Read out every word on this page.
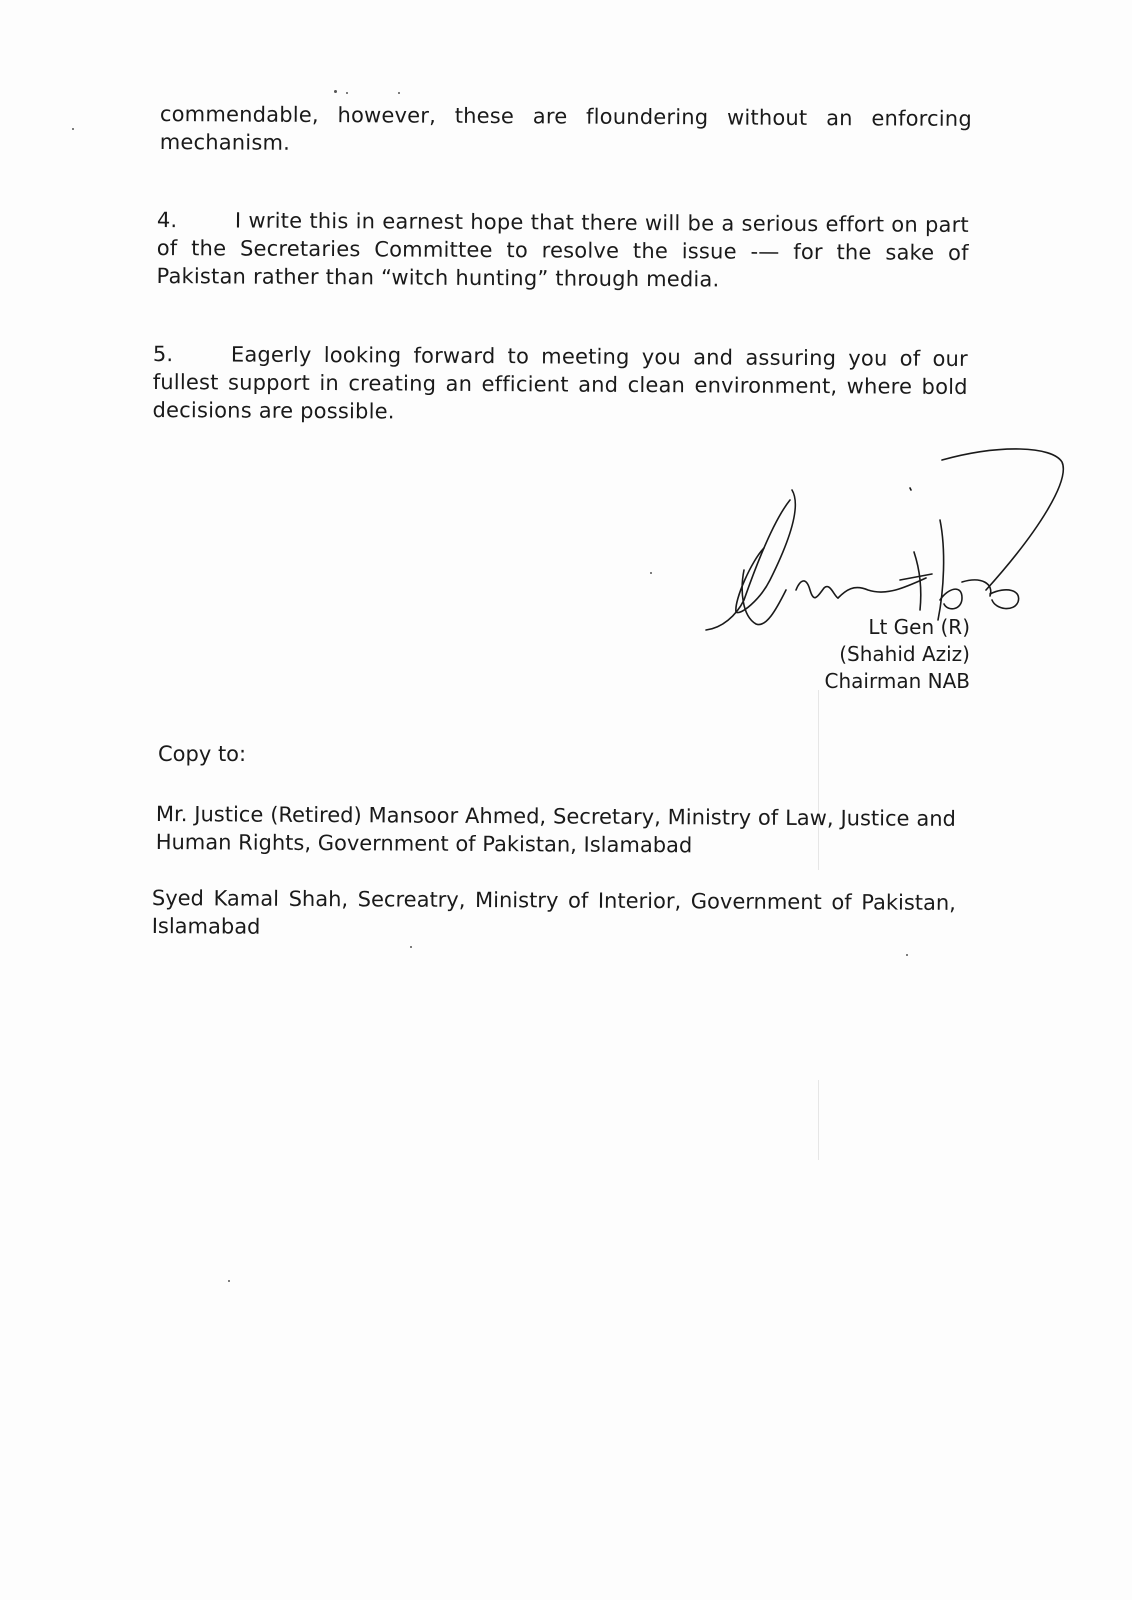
commendable, however, these are floundering without an enforcing mechanism.
4.	I write this in earnest hope that there will be a serious effort on part of the Secretaries Committee to resolve the issue -— for the sake of Pakistan rather than “witch hunting” through media.
5.	Eagerly looking forward to meeting you and assuring you of our fullest support in creating an efficient and clean environment, where bold decisions are possible.
Lt Gen (R)
(Shahid Aziz)
Chairman NAB
Copy to:
Mr. Justice (Retired) Mansoor Ahmed, Secretary, Ministry of Law, Justice and Human Rights, Government of Pakistan, Islamabad
Syed Kamal Shah, Secreatry, Ministry of Interior, Government of Pakistan, Islamabad
